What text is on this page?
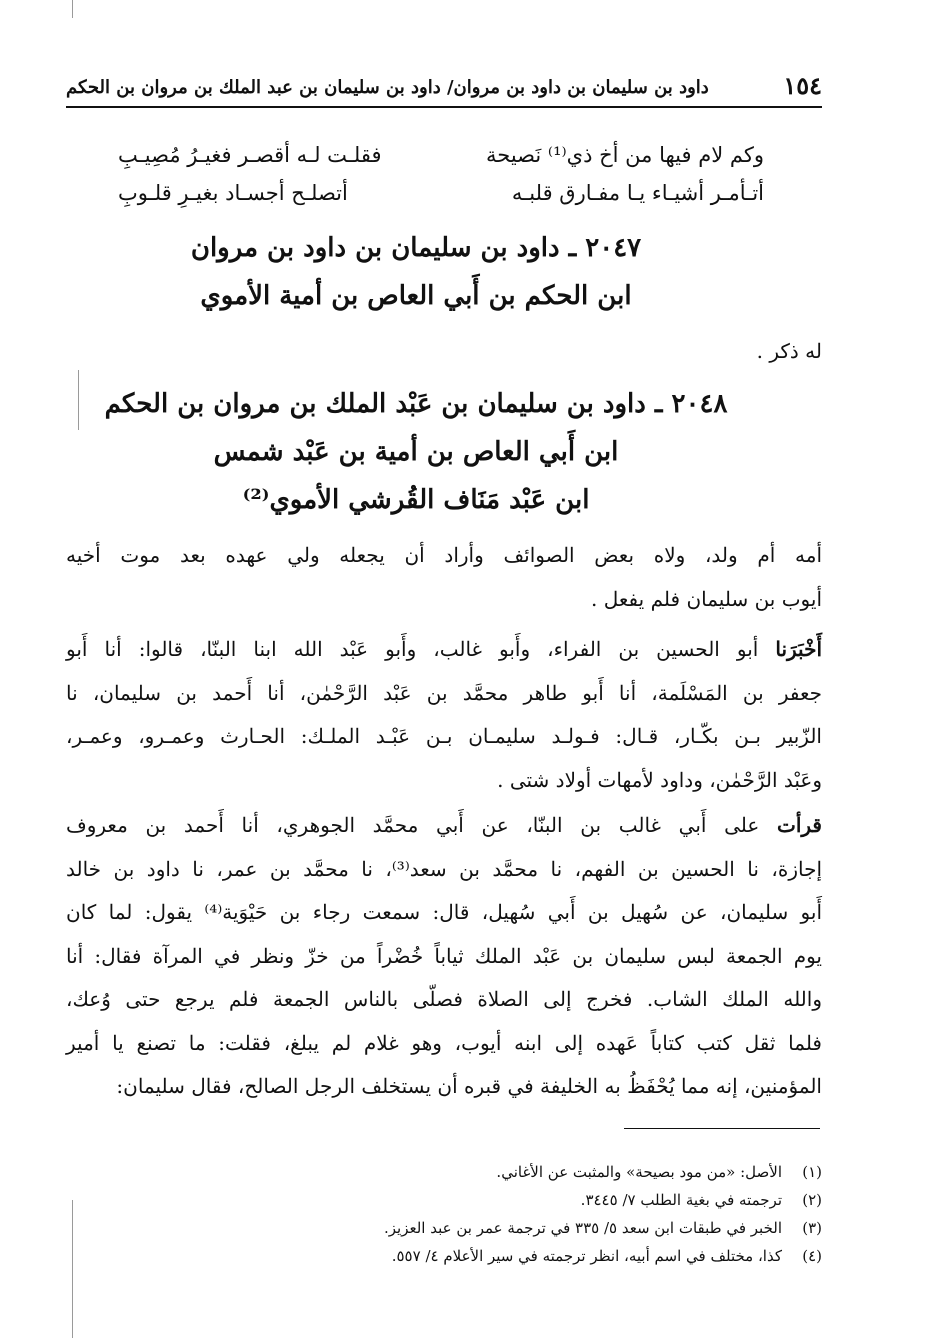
١٥٤
داود بن سليمان بن داود بن مروان/ داود بن سليمان بن عبد الملك بن مروان بن الحكم
وكم لام فيها من أخ ذي⁽¹⁾ نَصيحة
فقلـت لـه أقصـر فغيـرُ مُصِيـبِ
أتـأمـر أشيـاء يـا مفـارق قلبـه
أتصلـح أجسـاد بغيـرِ قلـوبِ
٢٠٤٧ ـ داود بن سليمان بن داود بن مروان
ابن الحكم بن أَبي العاص بن أمية الأموي
له ذكر .
٢٠٤٨ ـ داود بن سليمان بن عَبْد الملك بن مروان بن الحكم
ابن أَبي العاص بن أمية بن عَبْد شمس
ابن عَبْد مَنَاف القُرشي الأموي⁽²⁾
أمه أم ولد، ولاه بعض الصوائف وأراد أن يجعله ولي عهده بعد موت أخيه
أيوب بن سليمان فلم يفعل .
أَخْبَرَنا أبو الحسين بن الفراء، وأَبو غالب، وأَبو عَبْد الله ابنا البنّا، قالوا: أنا أَبو
جعفر بن المَسْلَمة، أنا أَبو طاهر محمَّد بن عَبْد الرَّحْمٰن، أنا أَحمد بن سليمان، نا
الزّبير بـن بكّـار، قـال: فـولـد سليمـان بـن عَبْـد الملـك: الحـارث وعمـرو، وعمـر،
وعَبْد الرَّحْمٰن، وداود لأمهات أولاد شتى .
قرأت على أَبي غالب بن البنّا، عن أَبي محمَّد الجوهري، أنا أَحمد بن معروف
إجازة، نا الحسين بن الفهم، نا محمَّد بن سعد⁽³⁾، نا محمَّد بن عمر، نا داود بن خالد
أَبو سليمان، عن سُهيل بن أَبي سُهيل، قال: سمعت رجاء بن حَيْوَية⁽⁴⁾ يقول: لما كان
يوم الجمعة لبس سليمان بن عَبْد الملك ثياباً خُضْراً من خزّ ونظر في المرآة فقال: أنا
والله الملك الشاب. فخرج إلى الصلاة فصلّى بالناس الجمعة فلم يرجع حتى وُعك،
فلما ثقل كتب كتاباً عَهده إلى ابنه أيوب، وهو غلام لم يبلغ، فقلت: ما تصنع يا أمير
المؤمنين، إنه مما يُحْفَظُ به الخليفة في قبره أن يستخلف الرجل الصالح، فقال سليمان:
(١)الأصل: «من مود بصيحة» والمثبت عن الأغاني.
(٢)ترجمته في بغية الطلب ٧/ ٣٤٤٥.
(٣)الخبر في طبقات ابن سعد ٥/ ٣٣٥ في ترجمة عمر بن عبد العزيز.
(٤)كذا، مختلف في اسم أبيه، انظر ترجمته في سير الأعلام ٤/ ٥٥٧.
